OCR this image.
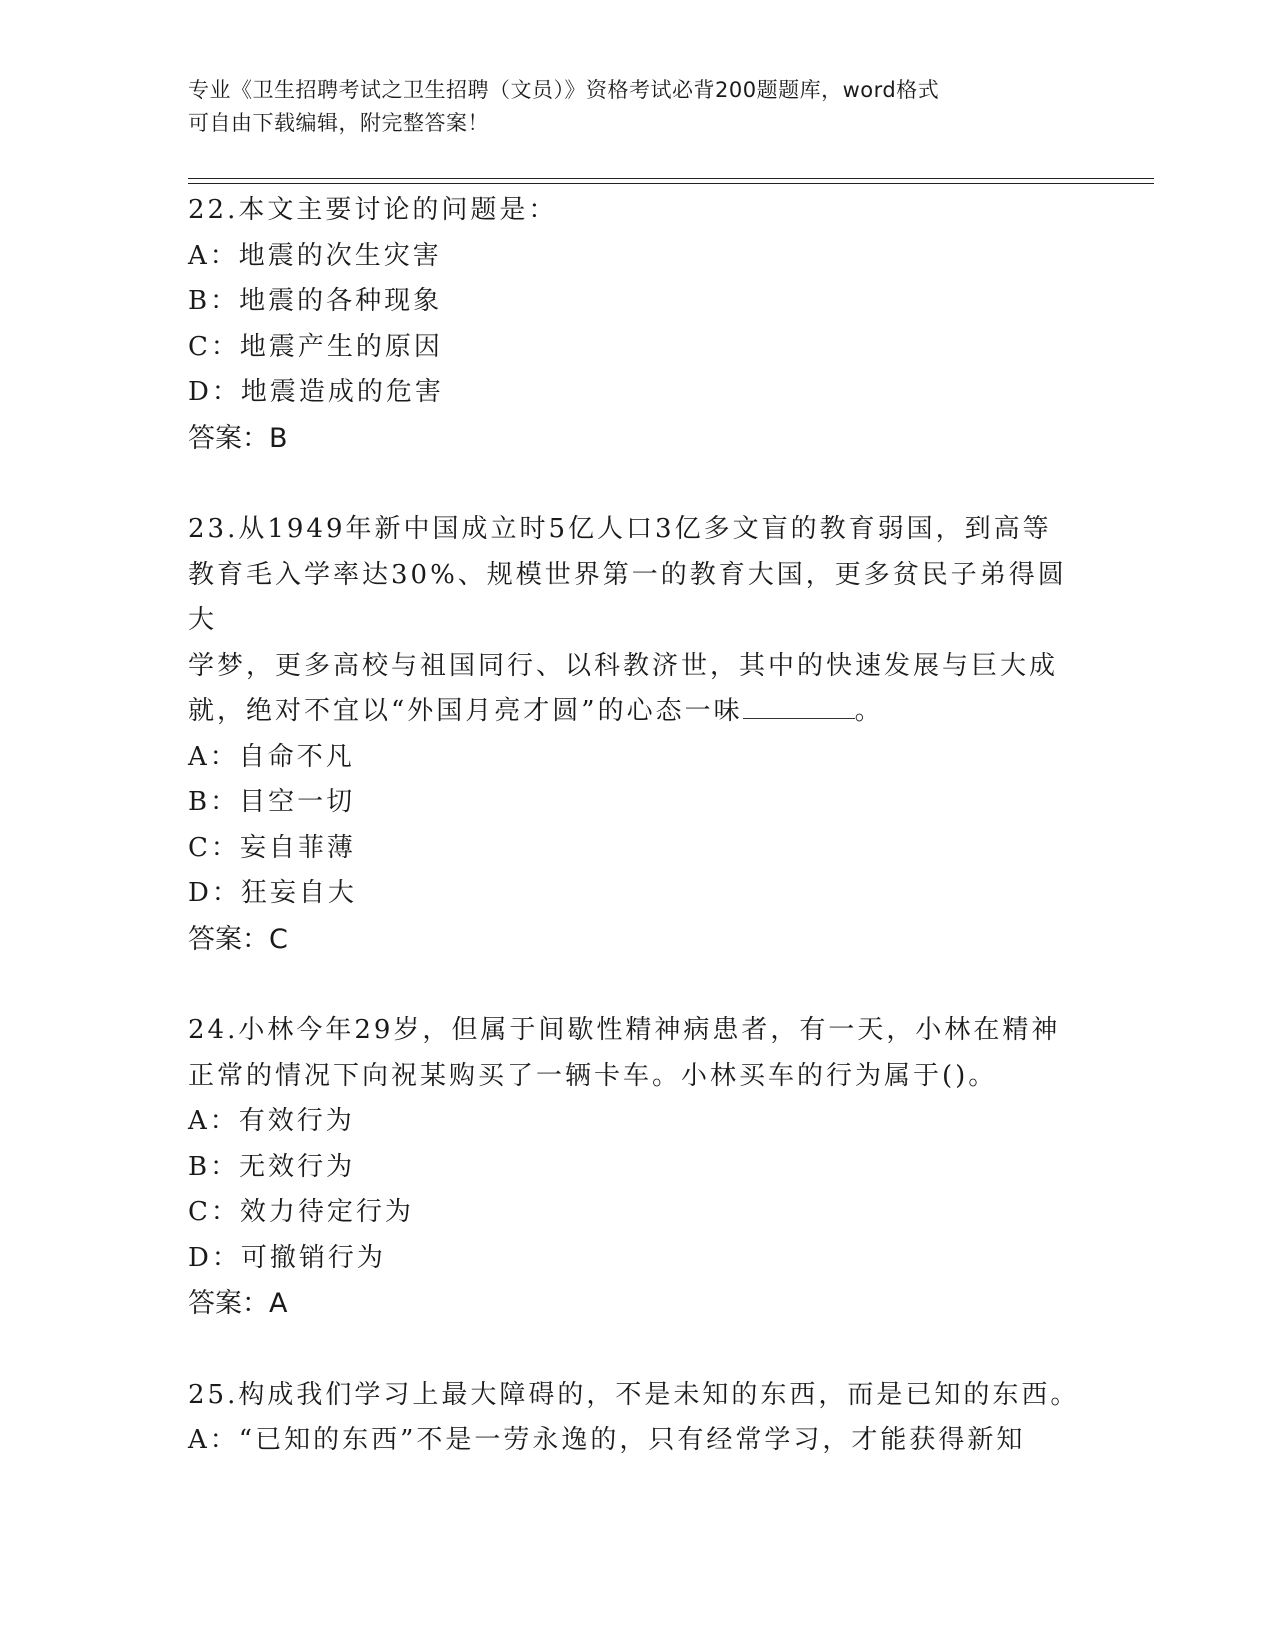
专业《卫生招聘考试之卫生招聘（文员）》资格考试必背200题题库，word格式
可自由下载编辑，附完整答案！
22.本文主要讨论的问题是：
A：地震的次生灾害
B：地震的各种现象
C：地震产生的原因
D：地震造成的危害
答案：B
23.从1949年新中国成立时5亿人口3亿多文盲的教育弱国，到高等
教育毛入学率达30%、规模世界第一的教育大国，更多贫民子弟得圆大
学梦，更多高校与祖国同行、以科教济世，其中的快速发展与巨大成
就，绝对不宜以“外国月亮才圆”的心态一味	。
A：自命不凡
B：目空一切
C：妄自菲薄
D：狂妄自大
答案：C
24.小林今年29岁，但属于间歇性精神病患者，有一天，小林在精神
正常的情况下向祝某购买了一辆卡车。小林买车的行为属于()。
A：有效行为
B：无效行为
C：效力待定行为
D：可撤销行为
答案：A
25.构成我们学习上最大障碍的，不是未知的东西，而是已知的东西。
A：“已知的东西”不是一劳永逸的，只有经常学习，才能获得新知
